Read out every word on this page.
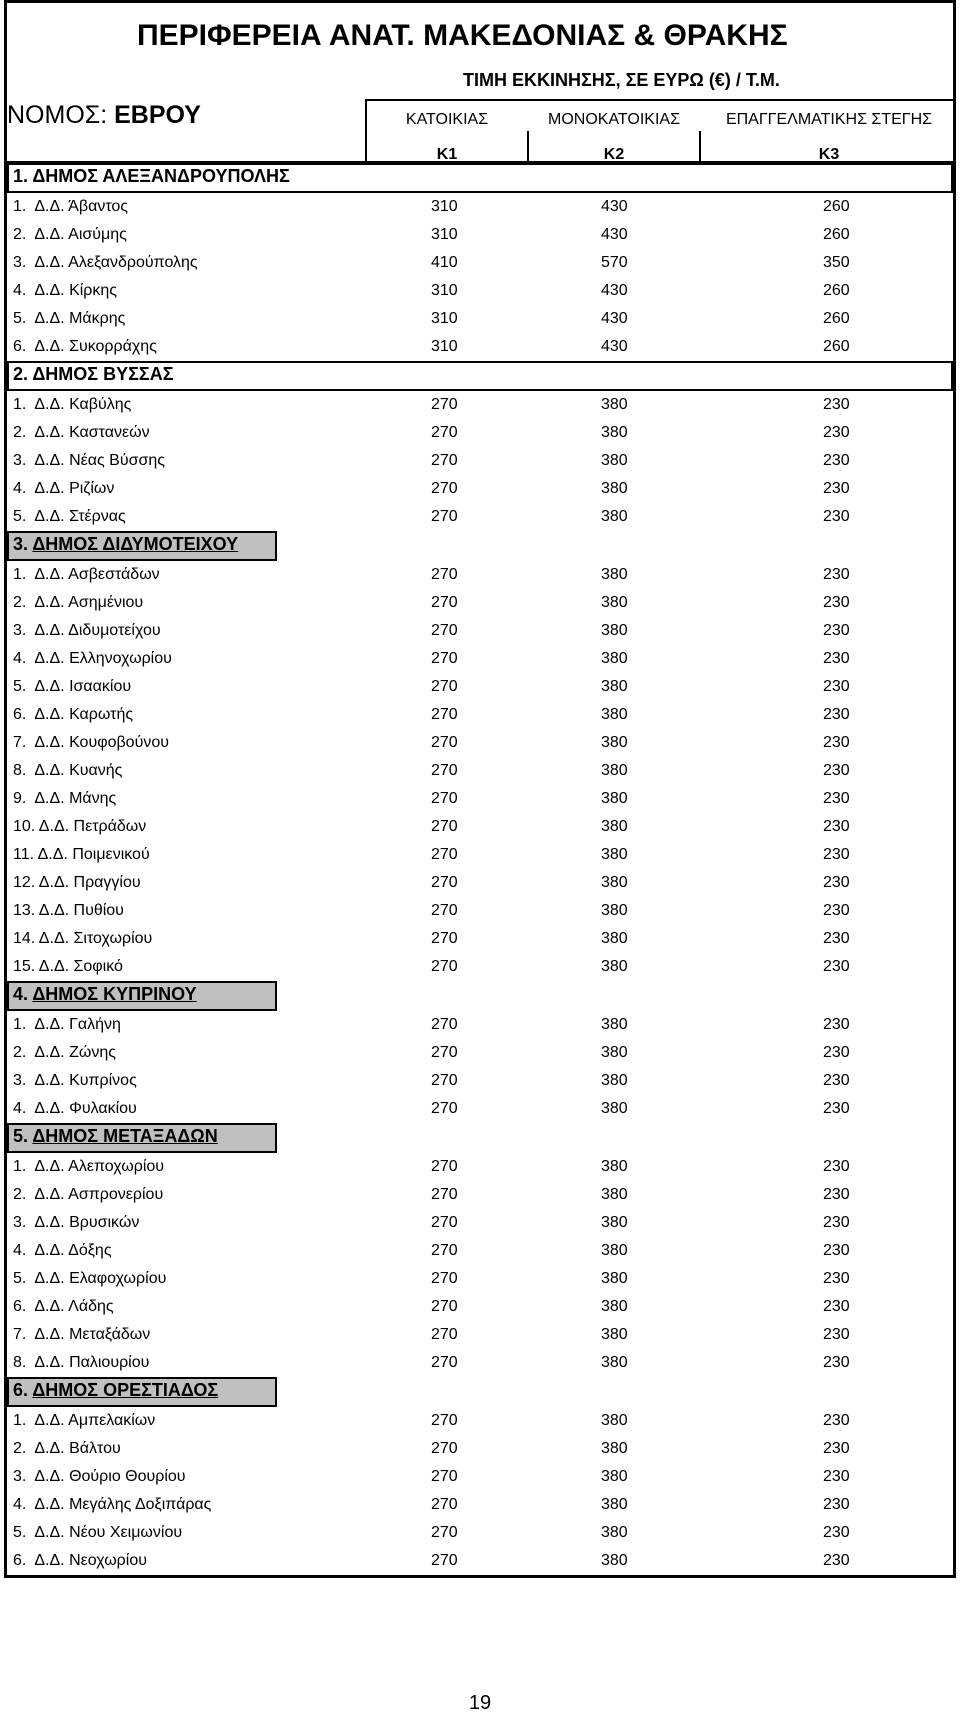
ΠΕΡΙΦΕΡΕΙΑ ΑΝΑΤ. ΜΑΚΕΔΟΝΙΑΣ & ΘΡΑΚΗΣ
ΤΙΜΗ ΕΚΚΙΝΗΣΗΣ, ΣΕ ΕΥΡΩ (€) / Τ.Μ.
ΝΟΜΟΣ: ΕΒΡΟΥ	ΚΑΤΟΙΚΙΑΣ	ΜΟΝΟΚΑΤΟΙΚΙΑΣ	ΕΠΑΓΓΕΛΜΑΤΙΚΗΣ ΣΤΕΓΗΣ
K1	K2	K3
1. ΔΗΜΟΣ ΑΛΕΞΑΝΔΡΟΥΠΟΛΗΣ
1.  Δ.Δ. Άβαντος	310	430	260
2.  Δ.Δ. Αισύμης	310	430	260
3.  Δ.Δ. Αλεξανδρούπολης	410	570	350
4.  Δ.Δ. Κίρκης	310	430	260
5.  Δ.Δ. Μάκρης	310	430	260
6.  Δ.Δ. Συκορράχης	310	430	260
2. ΔΗΜΟΣ ΒΥΣΣΑΣ
1.  Δ.Δ. Καβύλης	270	380	230
2.  Δ.Δ. Καστανεών	270	380	230
3.  Δ.Δ. Νέας Βύσσης	270	380	230
4.  Δ.Δ. Ριζίων	270	380	230
5.  Δ.Δ. Στέρνας	270	380	230
3. ΔΗΜΟΣ ΔΙΔΥΜΟΤΕΙΧΟΥ
1.  Δ.Δ. Ασβεστάδων	270	380	230
2.  Δ.Δ. Ασημένιου	270	380	230
3.  Δ.Δ. Διδυμοτείχου	270	380	230
4.  Δ.Δ. Ελληνοχωρίου	270	380	230
5.  Δ.Δ. Ισαακίου	270	380	230
6.  Δ.Δ. Καρωτής	270	380	230
7.  Δ.Δ. Κουφοβούνου	270	380	230
8.  Δ.Δ. Κυανής	270	380	230
9.  Δ.Δ. Μάνης	270	380	230
10. Δ.Δ. Πετράδων	270	380	230
11. Δ.Δ. Ποιμενικού	270	380	230
12. Δ.Δ. Πραγγίου	270	380	230
13. Δ.Δ. Πυθίου	270	380	230
14. Δ.Δ. Σιτοχωρίου	270	380	230
15. Δ.Δ. Σοφικό	270	380	230
4. ΔΗΜΟΣ ΚΥΠΡΙΝΟΥ
1.  Δ.Δ. Γαλήνη	270	380	230
2.  Δ.Δ. Ζώνης	270	380	230
3.  Δ.Δ. Κυπρίνος	270	380	230
4.  Δ.Δ. Φυλακίου	270	380	230
5. ΔΗΜΟΣ ΜΕΤΑΞΑΔΩΝ
1.  Δ.Δ. Αλεποχωρίου	270	380	230
2.  Δ.Δ. Ασπρονερίου	270	380	230
3.  Δ.Δ. Βρυσικών	270	380	230
4.  Δ.Δ. Δόξης	270	380	230
5.  Δ.Δ. Ελαφοχωρίου	270	380	230
6.  Δ.Δ. Λάδης	270	380	230
7.  Δ.Δ. Μεταξάδων	270	380	230
8.  Δ.Δ. Παλιουρίου	270	380	230
6. ΔΗΜΟΣ ΟΡΕΣΤΙΑΔΟΣ
1.  Δ.Δ. Αμπελακίων	270	380	230
2.  Δ.Δ. Βάλτου	270	380	230
3.  Δ.Δ. Θούριο Θουρίου	270	380	230
4.  Δ.Δ. Μεγάλης Δοξιπάρας	270	380	230
5.  Δ.Δ. Νέου Χειμωνίου	270	380	230
6.  Δ.Δ. Νεοχωρίου	270	380	230
19
